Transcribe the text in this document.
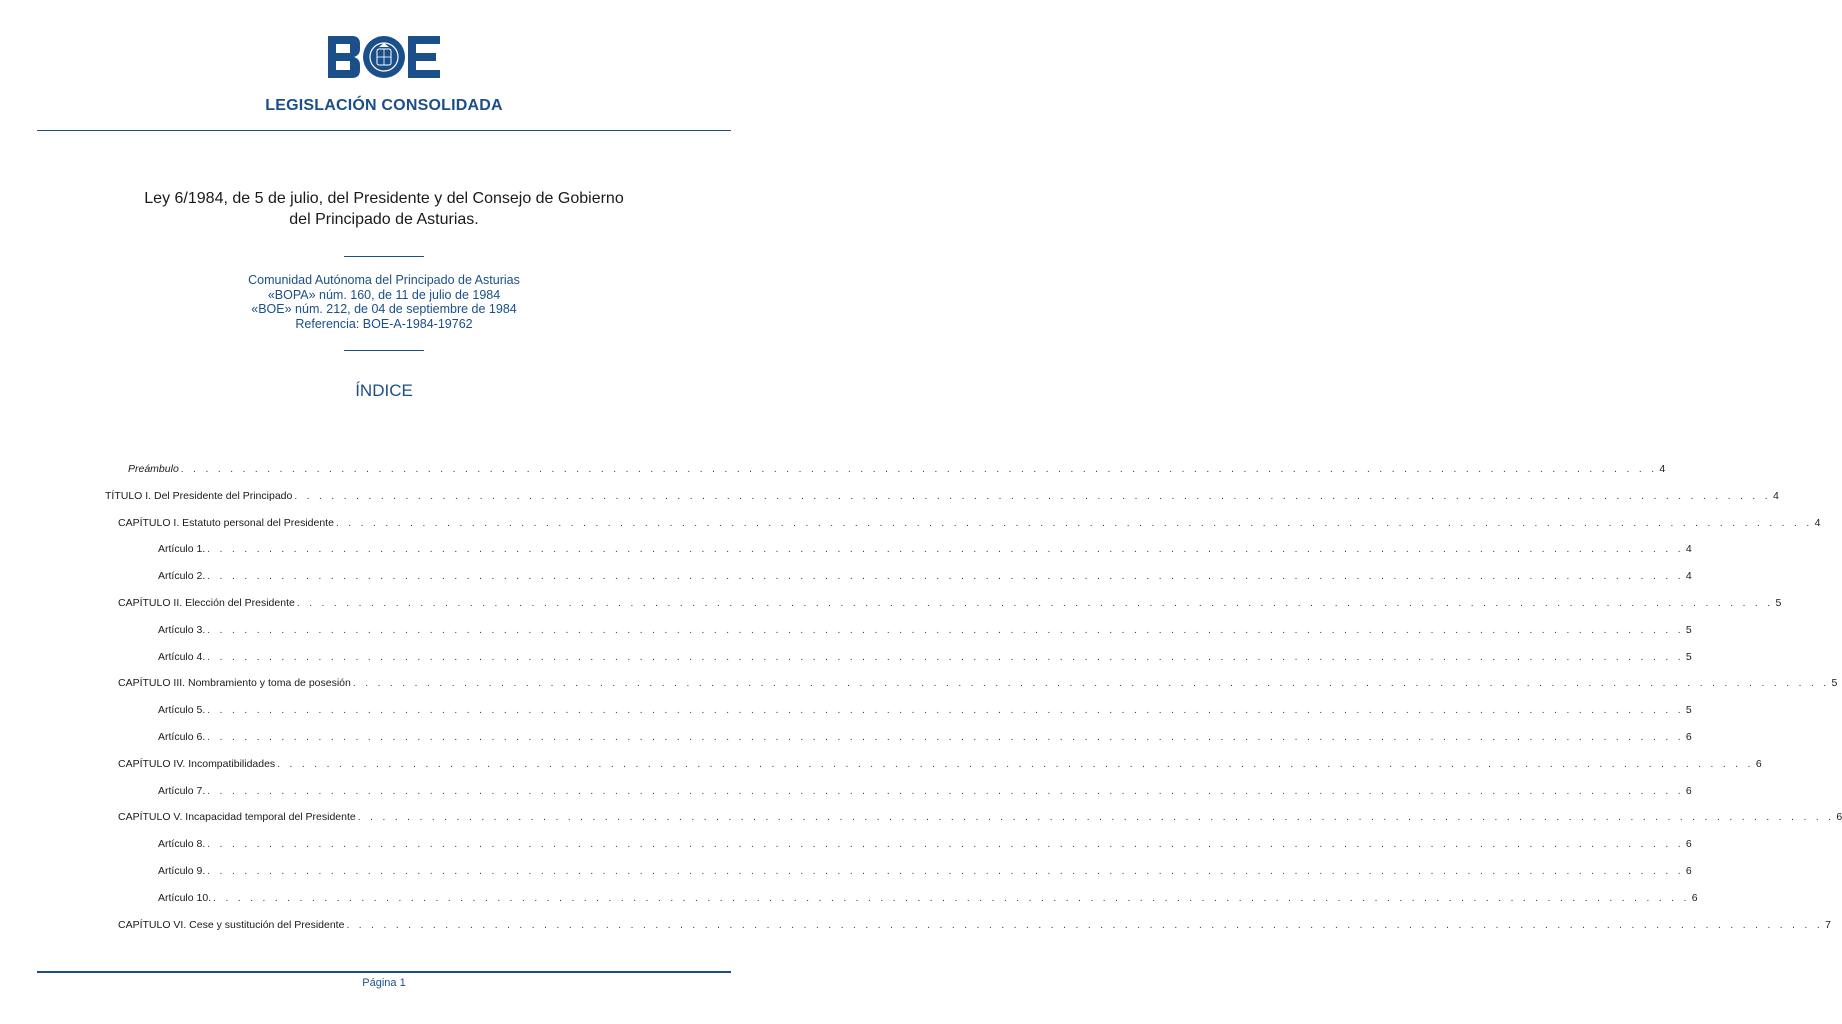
LEGISLACIÓN CONSOLIDADA
Ley 6/1984, de 5 de julio, del Presidente y del Consejo de Gobierno
del Principado de Asturias.
Comunidad Autónoma del Principado de Asturias
«BOPA» núm. 160, de 11 de julio de 1984
«BOE» núm. 212, de 04 de septiembre de 1984
Referencia: BOE-A-1984-19762
ÍNDICE
Preámbulo . . . . . . . . . . . . . . . . . . . . . . . . . . . . . . . . . . . . . . . . . . . . . . . . . . . . . . . . . . . . . . . . . . . . . . . . . . . . . . . . . . . . . . . . . . . . . . . . . . . . . . . . . . . . . . . . . . . . . . . . 4
TÍTULO I. Del Presidente del Principado . . . . . . . . . . . . . . . . . . . . . . . . . . . . . . . . . . . . . . . . . . . . . . . . . . . . . . . . . . . . . . . . . . . . . . . . . . . . . . . . . . . . . . . . . . . . . . . . . . . . . . . . . . . . . . . . . . . . . . . . 4
CAPÍTULO I. Estatuto personal del Presidente . . . . . . . . . . . . . . . . . . . . . . . . . . . . . . . . . . . . . . . . . . . . . . . . . . . . . . . . . . . . . . . . . . . . . . . . . . . . . . . . . . . . . . . . . . . . . . . . . . . . . . . . . . . . . . . . . . . . . . . . 4
Artículo 1. . . . . . . . . . . . . . . . . . . . . . . . . . . . . . . . . . . . . . . . . . . . . . . . . . . . . . . . . . . . . . . . . . . . . . . . . . . . . . . . . . . . . . . . . . . . . . . . . . . . . . . . . . . . . . . . . . . . . . . . . 4
Artículo 2. . . . . . . . . . . . . . . . . . . . . . . . . . . . . . . . . . . . . . . . . . . . . . . . . . . . . . . . . . . . . . . . . . . . . . . . . . . . . . . . . . . . . . . . . . . . . . . . . . . . . . . . . . . . . . . . . . . . . . . . . 4
CAPÍTULO II. Elección del Presidente . . . . . . . . . . . . . . . . . . . . . . . . . . . . . . . . . . . . . . . . . . . . . . . . . . . . . . . . . . . . . . . . . . . . . . . . . . . . . . . . . . . . . . . . . . . . . . . . . . . . . . . . . . . . . . . . . . . . . . . . 5
Artículo 3. . . . . . . . . . . . . . . . . . . . . . . . . . . . . . . . . . . . . . . . . . . . . . . . . . . . . . . . . . . . . . . . . . . . . . . . . . . . . . . . . . . . . . . . . . . . . . . . . . . . . . . . . . . . . . . . . . . . . . . . . 5
Artículo 4. . . . . . . . . . . . . . . . . . . . . . . . . . . . . . . . . . . . . . . . . . . . . . . . . . . . . . . . . . . . . . . . . . . . . . . . . . . . . . . . . . . . . . . . . . . . . . . . . . . . . . . . . . . . . . . . . . . . . . . . . 5
CAPÍTULO III. Nombramiento y toma de posesión . . . . . . . . . . . . . . . . . . . . . . . . . . . . . . . . . . . . . . . . . . . . . . . . . . . . . . . . . . . . . . . . . . . . . . . . . . . . . . . . . . . . . . . . . . . . . . . . . . . . . . . . . . . . . . . . . . . . . . . . 5
Artículo 5. . . . . . . . . . . . . . . . . . . . . . . . . . . . . . . . . . . . . . . . . . . . . . . . . . . . . . . . . . . . . . . . . . . . . . . . . . . . . . . . . . . . . . . . . . . . . . . . . . . . . . . . . . . . . . . . . . . . . . . . . 5
Artículo 6. . . . . . . . . . . . . . . . . . . . . . . . . . . . . . . . . . . . . . . . . . . . . . . . . . . . . . . . . . . . . . . . . . . . . . . . . . . . . . . . . . . . . . . . . . . . . . . . . . . . . . . . . . . . . . . . . . . . . . . . . 6
CAPÍTULO IV. Incompatibilidades . . . . . . . . . . . . . . . . . . . . . . . . . . . . . . . . . . . . . . . . . . . . . . . . . . . . . . . . . . . . . . . . . . . . . . . . . . . . . . . . . . . . . . . . . . . . . . . . . . . . . . . . . . . . . . . . . . . . . . . . 6
Artículo 7. . . . . . . . . . . . . . . . . . . . . . . . . . . . . . . . . . . . . . . . . . . . . . . . . . . . . . . . . . . . . . . . . . . . . . . . . . . . . . . . . . . . . . . . . . . . . . . . . . . . . . . . . . . . . . . . . . . . . . . . . 6
CAPÍTULO V. Incapacidad temporal del Presidente . . . . . . . . . . . . . . . . . . . . . . . . . . . . . . . . . . . . . . . . . . . . . . . . . . . . . . . . . . . . . . . . . . . . . . . . . . . . . . . . . . . . . . . . . . . . . . . . . . . . . . . . . . . . . . . . . . . . . . . . 6
Artículo 8. . . . . . . . . . . . . . . . . . . . . . . . . . . . . . . . . . . . . . . . . . . . . . . . . . . . . . . . . . . . . . . . . . . . . . . . . . . . . . . . . . . . . . . . . . . . . . . . . . . . . . . . . . . . . . . . . . . . . . . . . 6
Artículo 9. . . . . . . . . . . . . . . . . . . . . . . . . . . . . . . . . . . . . . . . . . . . . . . . . . . . . . . . . . . . . . . . . . . . . . . . . . . . . . . . . . . . . . . . . . . . . . . . . . . . . . . . . . . . . . . . . . . . . . . . . 6
Artículo 10. . . . . . . . . . . . . . . . . . . . . . . . . . . . . . . . . . . . . . . . . . . . . . . . . . . . . . . . . . . . . . . . . . . . . . . . . . . . . . . . . . . . . . . . . . . . . . . . . . . . . . . . . . . . . . . . . . . . . . . . . 6
CAPÍTULO VI. Cese y sustitución del Presidente . . . . . . . . . . . . . . . . . . . . . . . . . . . . . . . . . . . . . . . . . . . . . . . . . . . . . . . . . . . . . . . . . . . . . . . . . . . . . . . . . . . . . . . . . . . . . . . . . . . . . . . . . . . . . . . . . . . . . . . . 7
Página 1
